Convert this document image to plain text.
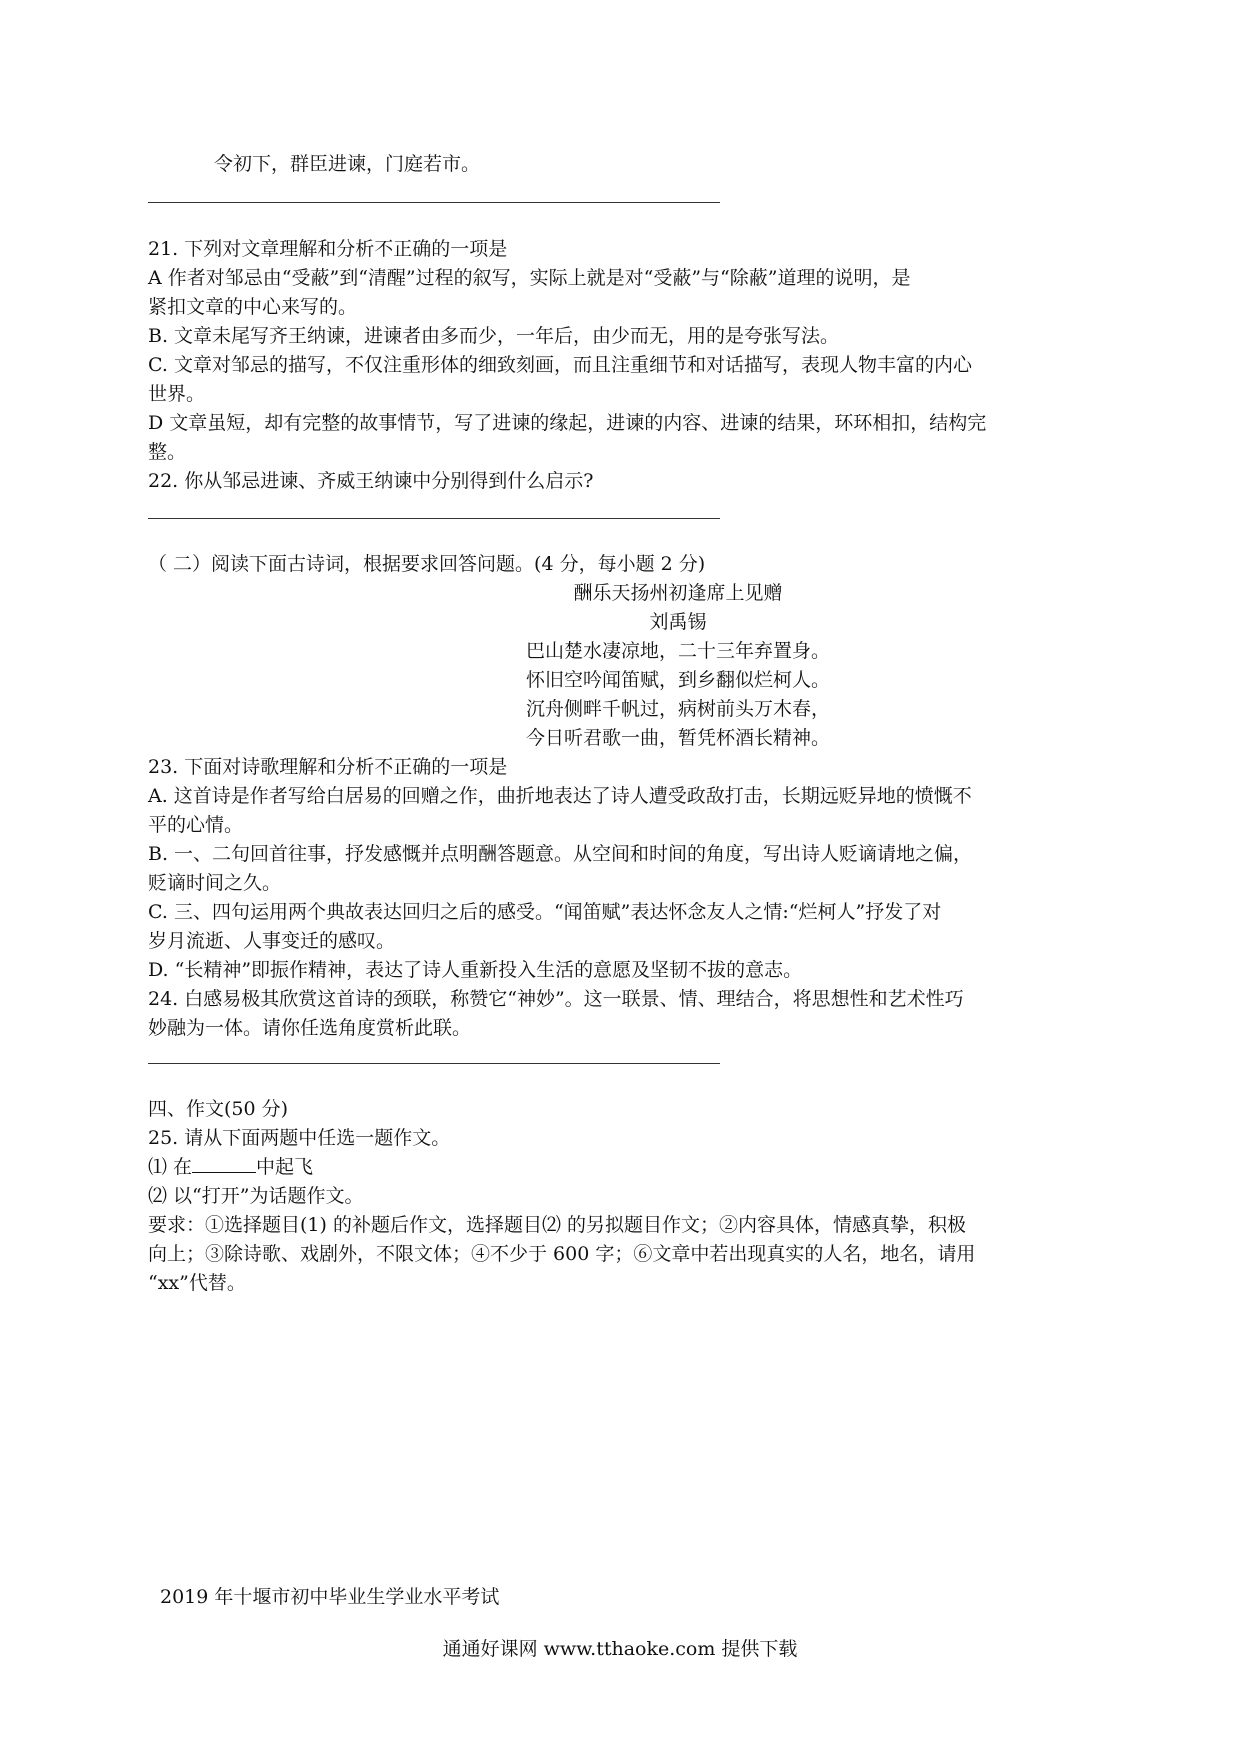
令初下，群臣进谏，门庭若市。
21. 下列对文章理解和分析不正确的一项是
A 作者对邹忌由“受蔽”到“清醒”过程的叙写，实际上就是对“受蔽”与“除蔽”道理的说明，是
紧扣文章的中心来写的。
B. 文章未尾写齐王纳谏，进谏者由多而少，一年后，由少而无，用的是夸张写法。
C. 文章对邹忌的描写，不仅注重形体的细致刻画，而且注重细节和对话描写，表现人物丰富的内心
世界。
D 文章虽短，却有完整的故事情节，写了进谏的缘起，进谏的内容、进谏的结果，环环相扣，结构完
整。
22. 你从邹忌进谏、齐威王纳谏中分别得到什么启示?
（ 二）阅读下面古诗词，根据要求回答问题。(4 分，每小题 2 分)
酬乐天扬州初逢席上见赠
刘禹锡
巴山楚水凄凉地，二十三年弃置身。
怀旧空吟闻笛赋，到乡翻似烂柯人。
沉舟侧畔千帆过，病树前头万木春，
今日听君歌一曲，暂凭杯酒长精神。
23. 下面对诗歌理解和分析不正确的一项是
A. 这首诗是作者写给白居易的回赠之作，曲折地表达了诗人遭受政敌打击，长期远贬异地的愤慨不
平的心情。
B. 一、二句回首往事，抒发感慨并点明酬答题意。从空间和时间的角度，写出诗人贬谪请地之偏，
贬谪时间之久。
C. 三、四句运用两个典故表达回归之后的感受。“闻笛赋”表达怀念友人之情:“烂柯人”抒发了对
岁月流逝、人事变迁的感叹。
D. “长精神”即振作精神，表达了诗人重新投入生活的意愿及坚韧不拔的意志。
24. 白感易极其欣赏这首诗的颈联，称赞它“神妙”。这一联景、情、理结合，将思想性和艺术性巧
妙融为一体。请你任选角度赏析此联。
四、作文(50 分)
25. 请从下面两题中任选一题作文。
⑴ 在	中起飞
⑵ 以“打开”为话题作文。
要求：①选择题目(1) 的补题后作文，选择题目⑵ 的另拟题目作文；②内容具体，情感真挚，积极
向上；③除诗歌、戏剧外，不限文体；④不少于 600 字；⑥文章中若出现真实的人名，地名，请用
“xx”代替。
2019 年十堰市初中毕业生学业水平考试
通通好课网 www.tthaoke.com 提供下载
